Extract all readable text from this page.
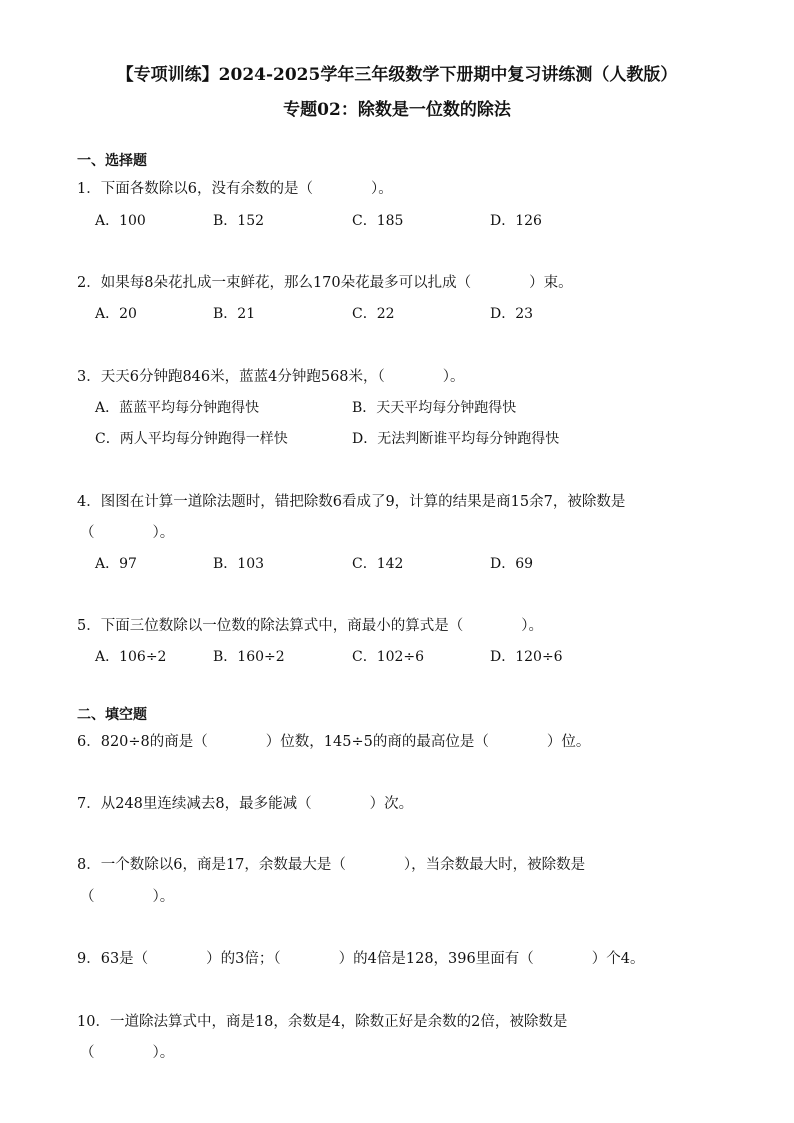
【专项训练】2024-2025学年三年级数学下册期中复习讲练测（人教版）
专题02：除数是一位数的除法
一、选择题
1．下面各数除以6，没有余数的是（　　　　）。
A．100	B．152	C．185	D．126
2．如果每8朵花扎成一束鲜花，那么170朵花最多可以扎成（　　　　）束。
A．20	B．21	C．22	D．23
3．天天6分钟跑846米，蓝蓝4分钟跑568米，（　　　　）。
A．蓝蓝平均每分钟跑得快	B．天天平均每分钟跑得快
C．两人平均每分钟跑得一样快	D．无法判断谁平均每分钟跑得快
4．图图在计算一道除法题时，错把除数6看成了9，计算的结果是商15余7，被除数是
（　　　　）。
A．97	B．103	C．142	D．69
5．下面三位数除以一位数的除法算式中，商最小的算式是（　　　　）。
A．106÷2	B．160÷2	C．102÷6	D．120÷6
二、填空题
6．820÷8的商是（　　　　）位数，145÷5的商的最高位是（　　　　）位。
7．从248里连续减去8，最多能减（　　　　）次。
8．一个数除以6，商是17，余数最大是（　　　　），当余数最大时，被除数是
（　　　　）。
9．63是（　　　　）的3倍；（　　　　）的4倍是128，396里面有（　　　　）个4。
10．一道除法算式中，商是18，余数是4，除数正好是余数的2倍，被除数是
（　　　　）。
